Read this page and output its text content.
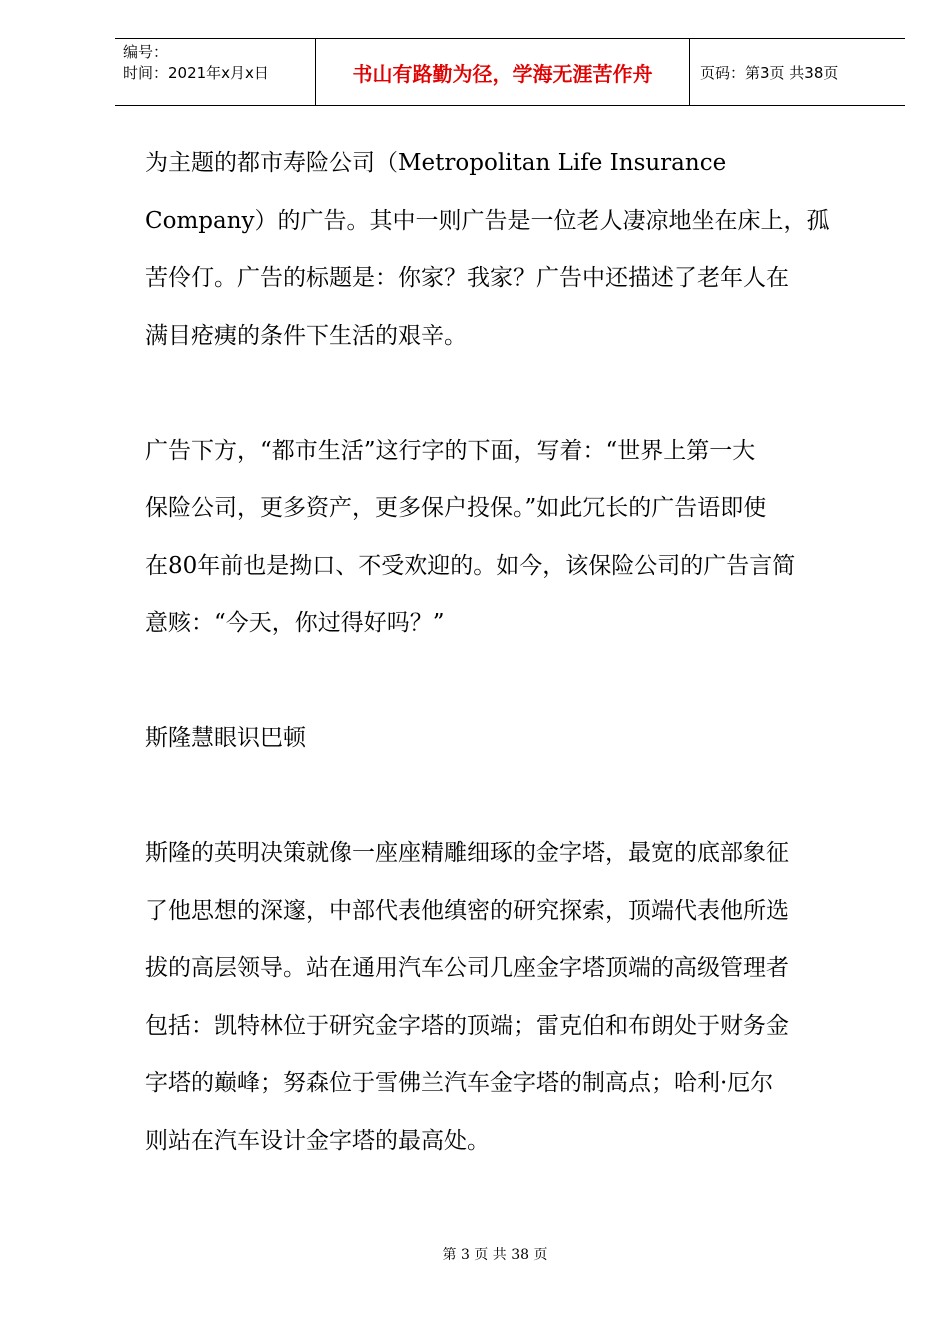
编号：
时间：2021年x月x日	书山有路勤为径，学海无涯苦作舟	页码：第3页 共38页

为主题的都市寿险公司（Metropolitan Life Insurance

Company）的广告。其中一则广告是一位老人凄凉地坐在床上，孤

苦伶仃。广告的标题是：你家？我家？广告中还描述了老年人在

满目疮痍的条件下生活的艰辛。

广告下方，“都市生活”这行字的下面，写着：“世界上第一大

保险公司，更多资产，更多保户投保。”如此冗长的广告语即使

在80年前也是拗口、不受欢迎的。如今，该保险公司的广告言简

意赅：“今天，你过得好吗？”

斯隆慧眼识巴顿

斯隆的英明决策就像一座座精雕细琢的金字塔，最宽的底部象征

了他思想的深邃，中部代表他缜密的研究探索，顶端代表他所选

拔的高层领导。站在通用汽车公司几座金字塔顶端的高级管理者

包括：凯特林位于研究金字塔的顶端；雷克伯和布朗处于财务金

字塔的巅峰；努森位于雪佛兰汽车金字塔的制高点；哈利·厄尔

则站在汽车设计金字塔的最高处。

第 3 页 共 38 页
